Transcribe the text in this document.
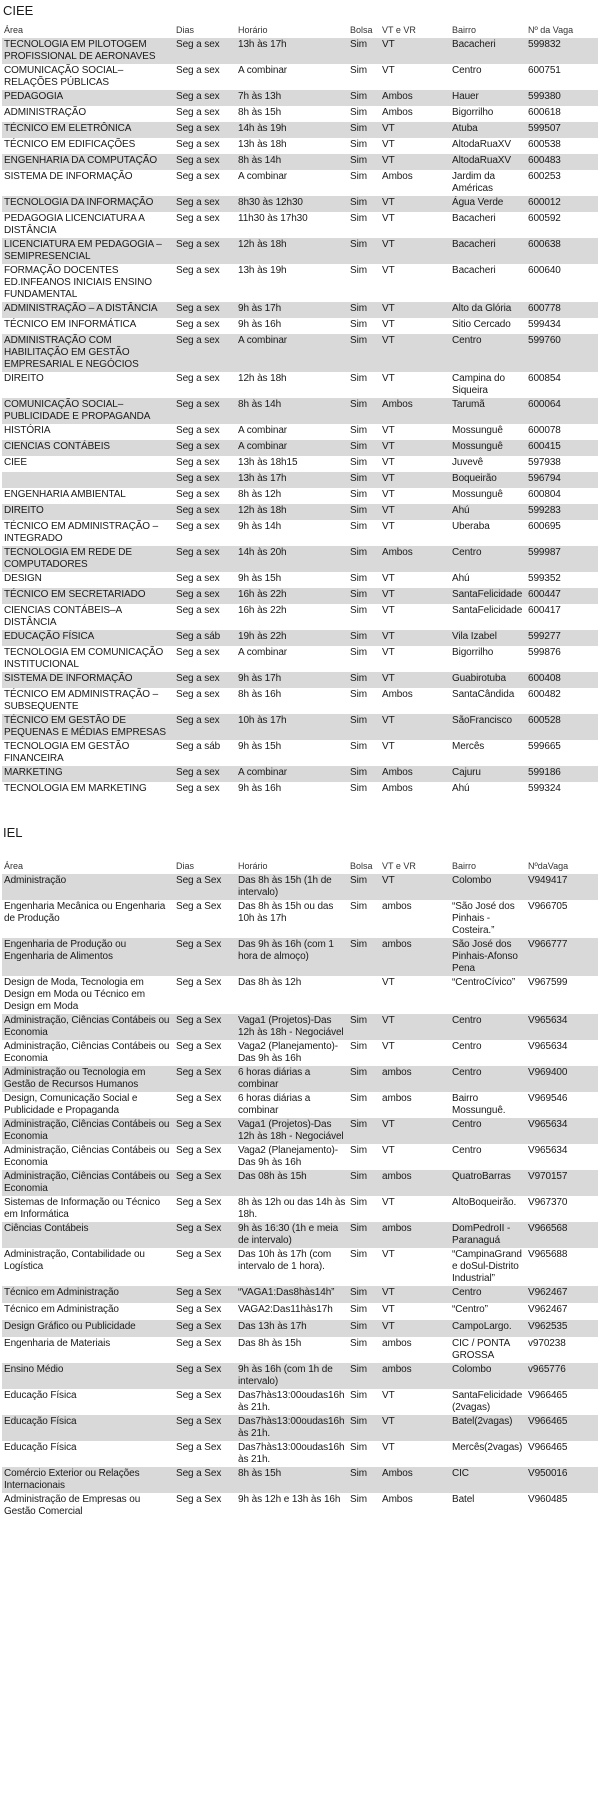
CIEE
Área	Dias	Horário	Bolsa	VT e VR	Bairro	Nº da Vaga
TECNOLOGIA EM PILOTOGEM PROFISSIONAL DE AERONAVES	Seg a sex	13h às 17h	Sim	VT	Bacacheri	599832
COMUNICAÇÃO SOCIAL–RELAÇÕES PÚBLICAS	Seg a sex	A combinar	Sim	VT	Centro	600751
PEDAGOGIA	Seg a sex	7h às 13h	Sim	Ambos	Hauer	599380
ADMINISTRAÇÃO	Seg a sex	8h às 15h	Sim	Ambos	Bigorrilho	600618
TÉCNICO EM ELETRÔNICA	Seg a sex	14h às 19h	Sim	VT	Atuba	599507
TÉCNICO EM EDIFICAÇÕES	Seg a sex	13h às 18h	Sim	VT	AltodaRuaXV	600538
ENGENHARIA DA COMPUTAÇÃO	Seg a sex	8h às 14h	Sim	VT	AltodaRuaXV	600483
SISTEMA DE INFORMAÇÃO	Seg a sex	A combinar	Sim	Ambos	Jardim da Américas	600253
TECNOLOGIA DA INFORMAÇÃO	Seg a sex	8h30 às 12h30	Sim	VT	Água Verde	600012
PEDAGOGIA LICENCIATURA A DISTÂNCIA	Seg a sex	11h30 às 17h30	Sim	VT	Bacacheri	600592
LICENCIATURA EM PEDAGOGIA – SEMIPRESENCIAL	Seg a sex	12h às 18h	Sim	VT	Bacacheri	600638
FORMAÇÃO DOCENTES ED.INFEANOS INICIAIS ENSINO FUNDAMENTAL	Seg a sex	13h às 19h	Sim	VT	Bacacheri	600640
ADMINISTRAÇÃO – A DISTÂNCIA	Seg a sex	9h às 17h	Sim	VT	Alto da Glória	600778
TÉCNICO EM INFORMÁTICA	Seg a sex	9h às 16h	Sim	VT	Sitio Cercado	599434
ADMINISTRAÇÃO COM HABILITAÇÃO EM GESTÃO EMPRESARIAL E NEGÓCIOS	Seg a sex	A combinar	Sim	VT	Centro	599760
DIREITO	Seg a sex	12h às 18h	Sim	VT	Campina do Siqueira	600854
COMUNICAÇÃO SOCIAL–PUBLICIDADE E PROPAGANDA	Seg a sex	8h às 14h	Sim	Ambos	Tarumã	600064
HISTÓRIA	Seg a sex	A combinar	Sim	VT	Mossunguê	600078
CIENCIAS CONTÁBEIS	Seg a sex	A combinar	Sim	VT	Mossunguê	600415
CIEE	Seg a sex	13h às 18h15	Sim	VT	Juvevê	597938
	Seg a sex	13h às 17h	Sim	VT	Boqueirão	596794
ENGENHARIA AMBIENTAL	Seg a sex	8h às 12h	Sim	VT	Mossunguê	600804
DIREITO	Seg a sex	12h às 18h	Sim	VT	Ahú	599283
TÉCNICO EM ADMINISTRAÇÃO – INTEGRADO	Seg a sex	9h às 14h	Sim	VT	Uberaba	600695
TECNOLOGIA EM REDE DE COMPUTADORES	Seg a sex	14h às 20h	Sim	Ambos	Centro	599987
DESIGN	Seg a sex	9h às 15h	Sim	VT	Ahú	599352
TÉCNICO EM SECRETARIADO	Seg a sex	16h às 22h	Sim	VT	SantaFelicidade	600447
CIENCIAS CONTÁBEIS–A DISTÂNCIA	Seg a sex	16h às 22h	Sim	VT	SantaFelicidade	600417
EDUCAÇÃO FÍSICA	Seg a sáb	19h às 22h	Sim	VT	Vila Izabel	599277
TECNOLOGIA EM COMUNICAÇÃO INSTITUCIONAL	Seg a sex	A combinar	Sim	VT	Bigorrilho	599876
SISTEMA DE INFORMAÇÃO	Seg a sex	9h às 17h	Sim	VT	Guabirotuba	600408
TÉCNICO EM ADMINISTRAÇÃO – SUBSEQUENTE	Seg a sex	8h às 16h	Sim	Ambos	SantaCândida	600482
TÉCNICO EM GESTÃO DE PEQUENAS E MÉDIAS EMPRESAS	Seg a sex	10h às 17h	Sim	VT	SãoFrancisco	600528
TECNOLOGIA EM GESTÃO FINANCEIRA	Seg a sáb	9h às 15h	Sim	VT	Mercês	599665
MARKETING	Seg a sex	A combinar	Sim	Ambos	Cajuru	599186
TECNOLOGIA EM MARKETING	Seg a sex	9h às 16h	Sim	Ambos	Ahú	599324
IEL
Área	Dias	Horário	Bolsa	VT e VR	Bairro	NºdaVaga
Administração	Seg a Sex	Das 8h às 15h (1h de intervalo)	Sim	VT	Colombo	V949417
Engenharia Mecânica ou Engenharia de Produção	Seg a Sex	Das 8h às 15h ou das 10h às 17h	Sim	ambos	“São José dos Pinhais - Costeira.”	V966705
Engenharia de Produção ou Engenharia de Alimentos	Seg a Sex	Das 9h às 16h (com 1 hora de almoço)	Sim	ambos	São José dos Pinhais-Afonso Pena	V966777
Design de Moda, Tecnologia em Design em Moda ou Técnico em Design em Moda	Seg a Sex	Das 8h às 12h		VT	“CentroCívico”	V967599
Administração, Ciências Contábeis ou Economia	Seg a Sex	Vaga1 (Projetos)-Das 12h às 18h - Negociável	Sim	VT	Centro	V965634
Administração, Ciências Contábeis ou Economia	Seg a Sex	Vaga2 (Planejamento)- Das 9h às 16h	Sim	VT	Centro	V965634
Administração ou Tecnologia em Gestão de Recursos Humanos	Seg a Sex	6 horas diárias a combinar	Sim	ambos	Centro	V969400
Design, Comunicação Social e Publicidade e Propaganda	Seg a Sex	6 horas diárias a combinar	Sim	ambos	Bairro Mossunguê.	V969546
Administração, Ciências Contábeis ou Economia	Seg a Sex	Vaga1 (Projetos)-Das 12h às 18h - Negociável	Sim	VT	Centro	V965634
Administração, Ciências Contábeis ou Economia	Seg a Sex	Vaga2 (Planejamento)- Das 9h às 16h	Sim	VT	Centro	V965634
Administração, Ciências Contábeis ou Economia	Seg a Sex	Das 08h às 15h	Sim	ambos	QuatroBarras	V970157
Sistemas de Informação ou Técnico em Informática	Seg a Sex	8h às 12h ou das 14h às 18h.	Sim	VT	AltoBoqueirão.	V967370
Ciências Contábeis	Seg a Sex	9h às 16:30 (1h e meia de intervalo)	Sim	ambos	DomPedroII - Paranaguá	V966568
Administração, Contabilidade ou Logística	Seg a Sex	Das 10h às 17h (com intervalo de 1 hora).	Sim	VT	“CampinaGrande doSul-Distrito Industrial”	V965688
Técnico em Administração	Seg a Sex	“VAGA1:Das8hàs14h”	Sim	VT	Centro	V962467
Técnico em Administração	Seg a Sex	VAGA2:Das11hàs17h	Sim	VT	“Centro”	V962467
Design Gráfico ou Publicidade	Seg a Sex	Das 13h às 17h	Sim	VT	CampoLargo.	V962535
Engenharia de Materiais	Seg a Sex	Das 8h às 15h	Sim	ambos	CIC / PONTA GROSSA	v970238
Ensino Médio	Seg a Sex	9h às 16h (com 1h de intervalo)	Sim	ambos	Colombo	v965776
Educação Física	Seg a Sex	Das7hàs13:00oudas16h às 21h.	Sim	VT	SantaFelicidade (2vagas)	V966465
Educação Física	Seg a Sex	Das7hàs13:00oudas16h às 21h.	Sim	VT	Batel(2vagas)	V966465
Educação Física	Seg a Sex	Das7hàs13:00oudas16h às 21h.	Sim	VT	Mercês(2vagas)	V966465
Comércio Exterior ou Relações Internacionais	Seg a Sex	8h às 15h	Sim	Ambos	CIC	V950016
Administração de Empresas ou Gestão Comercial	Seg a Sex	9h às 12h e 13h às 16h	Sim	Ambos	Batel	V960485
